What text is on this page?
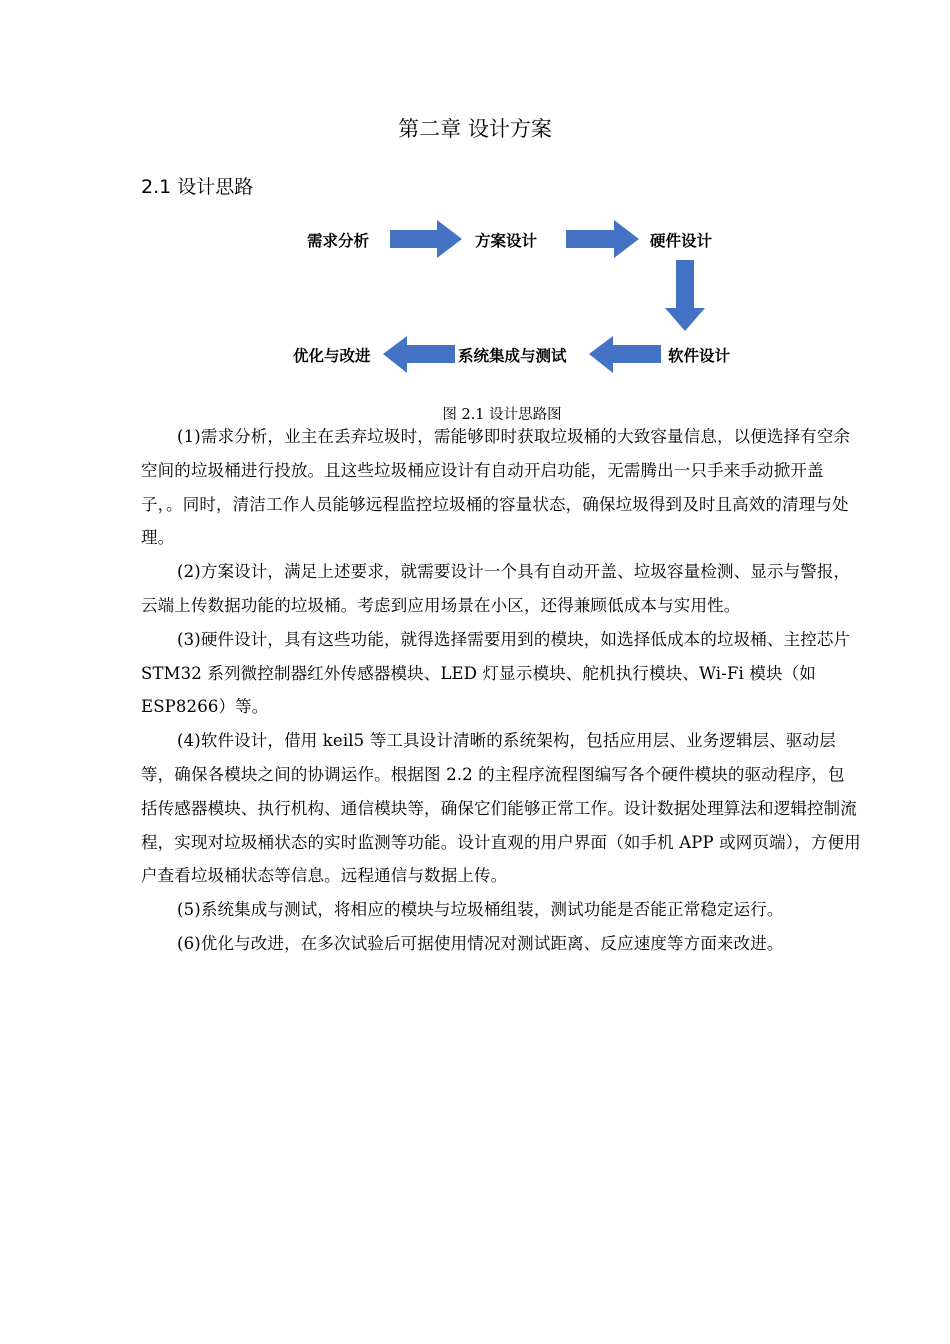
第二章 设计方案
2.1 设计思路
需求分析	方案设计	硬件设计
软件设计
系统集成与测试
优化与改进
图 2.1 设计思路图

(1)需求分析，业主在丢弃垃圾时，需能够即时获取垃圾桶的大致容量信息，以便选择有空余空间的垃圾桶进行投放。且这些垃圾桶应设计有自动开启功能，无需腾出一只手来手动掀开盖子，。同时，清洁工作人员能够远程监控垃圾桶的容量状态，确保垃圾得到及时且高效的清理与处理。

(2)方案设计，满足上述要求，就需要设计一个具有自动开盖、垃圾容量检测、显示与警报，云端上传数据功能的垃圾桶。考虑到应用场景在小区，还得兼顾低成本与实用性。

(3)硬件设计，具有这些功能，就得选择需要用到的模块，如选择低成本的垃圾桶、主控芯片 STM32 系列微控制器红外传感器模块、LED 灯显示模块、舵机执行模块、Wi-Fi 模块（如 ESP8266）等。

(4)软件设计，借用 keil5 等工具设计清晰的系统架构，包括应用层、业务逻辑层、驱动层等，确保各模块之间的协调运作。根据图 2.2 的主程序流程图编写各个硬件模块的驱动程序，包括传感器模块、执行机构、通信模块等，确保它们能够正常工作。设计数据处理算法和逻辑控制流程，实现对垃圾桶状态的实时监测等功能。设计直观的用户界面（如手机 APP 或网页端），方便用户查看垃圾桶状态等信息。远程通信与数据上传。

(5)系统集成与测试，将相应的模块与垃圾桶组装，测试功能是否能正常稳定运行。

(6)优化与改进，在多次试验后可据使用情况对测试距离、反应速度等方面来改进。
